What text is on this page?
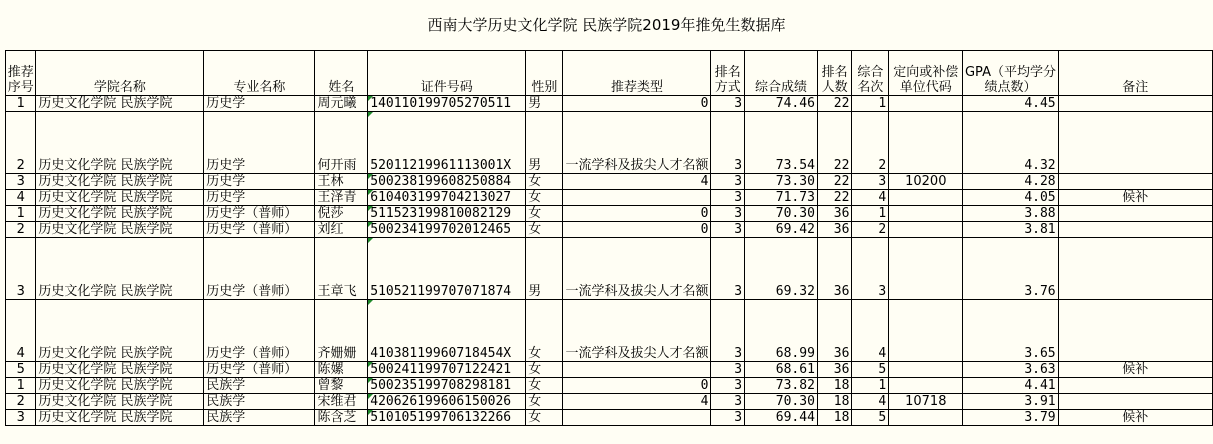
西南大学历史文化学院 民族学院2019年推免生数据库
推荐序号	学院名称	专业名称	姓名	证件号码	性别	推荐类型	排名方式	综合成绩	排名人数	综合名次	定向或补偿单位代码	GPA（平均学分绩点数）	备注
1	历史文化学院 民族学院	历史学	周元曦	140110199705270511	男	0	3	74.46	22	1		4.45	
2	历史文化学院 民族学院	历史学	何开雨	52011219961113001X	男	一流学科及拔尖人才名额	3	73.54	22	2		4.32	
3	历史文化学院 民族学院	历史学	王林	500238199608250884	女	4	3	73.30	22	3	10200	4.28	
4	历史文化学院 民族学院	历史学	王泽青	610403199704213027	女		3	71.73	22	4		4.05	候补
1	历史文化学院 民族学院	历史学（普师）	倪莎	511523199810082129	女	0	3	70.30	36	1		3.88	
2	历史文化学院 民族学院	历史学（普师）	刘红	500234199702012465	女	0	3	69.42	36	2		3.81	
3	历史文化学院 民族学院	历史学（普师）	王章飞	510521199707071874	男	一流学科及拔尖人才名额	3	69.32	36	3		3.76	
4	历史文化学院 民族学院	历史学（普师）	齐姗姗	41038119960718454X	女	一流学科及拔尖人才名额	3	68.99	36	4		3.65	
5	历史文化学院 民族学院	历史学（普师）	陈嫘	500241199707122421	女		3	68.61	36	5		3.63	候补
1	历史文化学院 民族学院	民族学	曾黎	500235199708298181	女	0	3	73.82	18	1		4.41	
2	历史文化学院 民族学院	民族学	宋维君	420626199606150026	女	4	3	70.30	18	4	10718	3.91	
3	历史文化学院 民族学院	民族学	陈含芝	510105199706132266	女		3	69.44	18	5		3.79	候补
